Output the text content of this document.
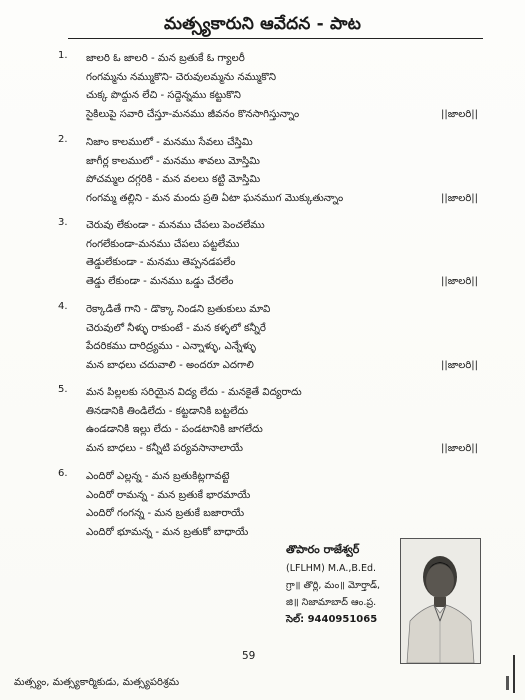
మత్స్యకారుని ఆవేదన - పాట
1.	జాలరి ఓ జాలరి - మన బ్రతుకే ఓ గ్యాలరీ
గంగమ్మను నమ్ముకొని- చెరువులమ్మను నమ్ముకొని
చుక్క పొద్దున లేచి - సద్దెన్నము కట్టుకొని
సైకిలుపై సవారి చేస్తూ-మనము జీవనం కొనసాగిస్తున్నాం	||జాలరి||
2.	నిజాం కాలములో - మనము సేవలు చేస్తిమి
జాగీర్ల కాలములో - మనము శావలు మోస్తిమి
పోచమ్మల దగ్గరికి - మన వలలు కట్టి మోస్తిమి
గంగమ్మ తల్లిని - మన మందు ప్రతి ఏటా ఘనముగ మొక్కుతున్నాం	||జాలరి||
3.	చెరువు లేకుండా - మనము చేపలు పెంచలేము
గంగలేకుండా-మనము చేపలు పట్టలేము
తెడ్డులేకుండా - మనము తెప్పనడపలేం
తెడ్డు లేకుండా - మనము ఒడ్డు చేరలేం	||జాలరి||
4.	రెక్కాడితే గాని - డొక్కా నిండని బ్రతుకులు మావి
చెరువులో నీళ్ళు రాకుంటే - మన కళ్ళలో కన్నీరే
పేదరికము దారిద్ర్యము - ఎన్నాళ్ళు, ఎన్నేళ్ళు
మన బాధలు చదువాలి - అందరూ ఎదగాలి	||జాలరి||
5.	మన పిల్లలకు సరియైన విద్య లేదు - మనకైతే విద్యరాదు
తినడానికి తిండిలేదు - కట్టడానికి బట్టలేదు
ఉండడానికి ఇల్లు లేదు - పండటానికి జాగలేదు
మన బాధలు - కన్నీటి పర్యవసానాలాయే	||జాలరి||
6.	ఎందిరో ఎల్లన్న - మన బ్రతుకిట్లగావట్టె
ఎందిరో రామన్న - మన బ్రతుకే భారమాయే
ఎందిరో గంగన్న - మన బ్రతుకే బజారాయే
ఎందిరో భూమన్న - మన బ్రతుకో బాధాయే
తొపారం రాజేశ్వర్
(LFLHM) M.A.,B.Ed.
గ్రా॥ తొర్లి, మం॥ మోర్తాడ్,
జి॥ నిజామాబాద్ ఆం.ప్ర.
సెల్: 9440951065
59
మత్స్యం, మత్స్యకార్మికుడు, మత్స్యపరిశ్రమ
